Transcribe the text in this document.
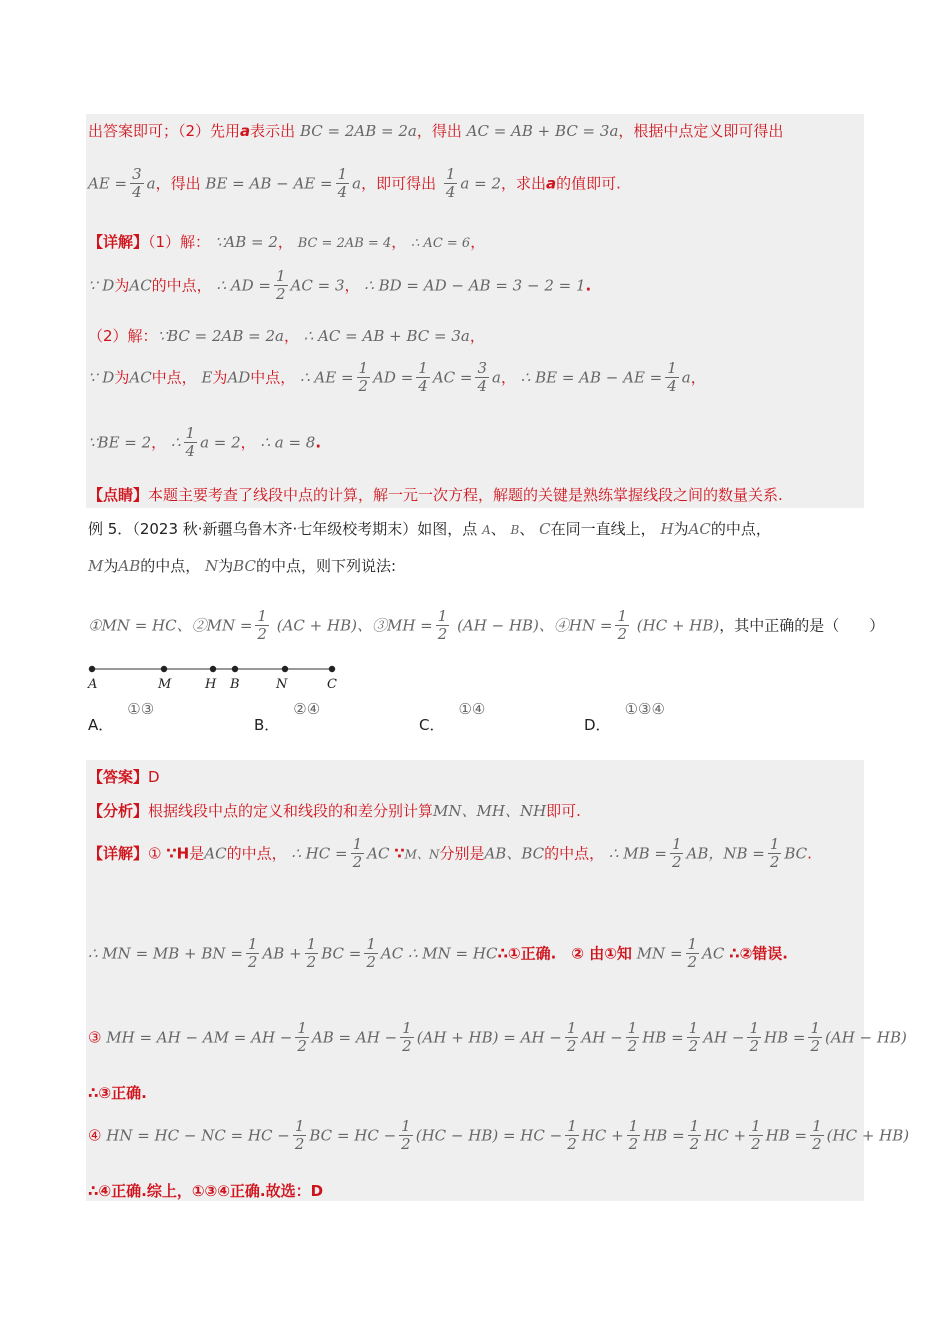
出答案即可；（2）先用a表示出 BC = 2AB = 2a，得出 AC = AB + BC = 3a，根据中点定义即可得出
AE = $\frac{3}{4}$ a，得出 BE = AB − AE = $\frac{1}{4}$ a，即可得出 $\frac{1}{4}$ a = 2，求出a的值即可.
【详解】（1）解： ∵AB = 2， BC = 2AB = 4， ∴ AC = 6，
∵ D为AC的中点， ∴ AD = $\frac{1}{2}$ AC = 3， ∴ BD = AD − AB = 3 − 2 = 1.
（2）解：∵BC = 2AB = 2a， ∴ AC = AB + BC = 3a，
∵ D为AC中点， E为AD中点， ∴ AE = $\frac{1}{2}$ AD = $\frac{1}{4}$ AC = $\frac{3}{4}$ a， ∴ BE = AB − AE = $\frac{1}{4}$ a，
∵BE = 2， ∴ $\frac{1}{4}$ a = 2， ∴ a = 8.
【点睛】本题主要考查了线段中点的计算，解一元一次方程，解题的关键是熟练掌握线段之间的数量关系.
例 5．（2023 秋·新疆乌鲁木齐·七年级校考期末）如图，点 A、 B、 C在同一直线上， H为AC的中点，
M为AB的中点， N为BC的中点，则下列说法:
①MN = HC、②MN = $\frac{1}{2} (AC + HB)$、③MH = $\frac{1}{2} (AH - HB)$、④HN = $\frac{1}{2} (HC + HB)$，其中正确的是（　　）
A	M	H B	N	C
A．①③
B．②④
C．①④
D．①③④
【答案】D
【分析】根据线段中点的定义和线段的和差分别计算MN、MH、NH即可.
【详解】① ∵H是AC的中点， ∴ HC = $\frac{1}{2}$ AC ∵M、N分别是AB、BC的中点， ∴ MB = $\frac{1}{2}$ AB，NB = $\frac{1}{2}$ BC.
∴ MN = MB + BN = $\frac{1}{2}$ AB + $\frac{1}{2}$ BC = $\frac{1}{2}$ AC ∴ MN = HC∴①正确.　② 由①知 MN = $\frac{1}{2}$ AC ∴②错误.
③ MH = AH − AM = AH − $\frac{1}{2}$ AB = AH − $\frac{1}{2} (AH + HB)$ = AH − $\frac{1}{2}$ AH − $\frac{1}{2}$ HB = $\frac{1}{2}$ AH − $\frac{1}{2}$ HB = $\frac{1}{2} (AH - HB)$
∴③正确.
④ HN = HC − NC = HC − $\frac{1}{2}$ BC = HC − $\frac{1}{2} (HC - HB)$ = HC − $\frac{1}{2}$ HC + $\frac{1}{2}$ HB = $\frac{1}{2}$ HC + $\frac{1}{2}$ HB = $\frac{1}{2} (HC + HB)$
∴④正确.综上，①③④正确.故选：D
